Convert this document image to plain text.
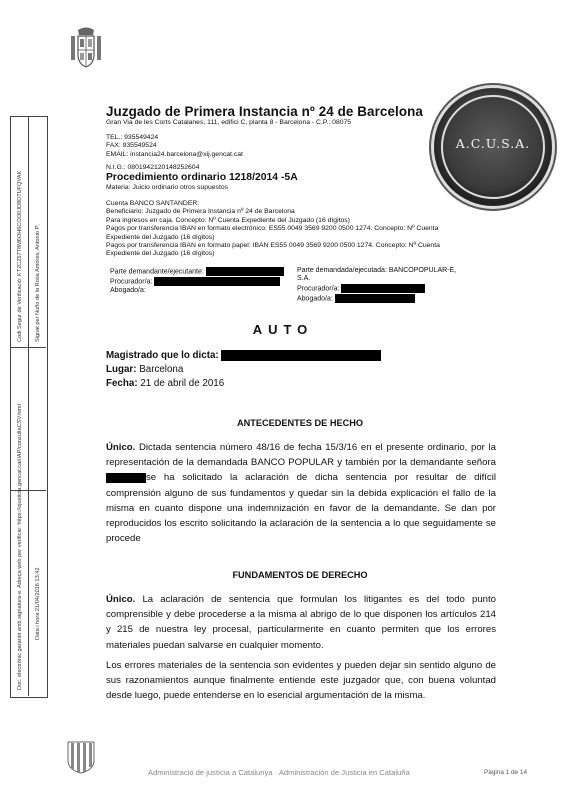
Codi Segur de Verificació: KT2C257T8M6OH6COO0JD8DTUFQVAK Signat per Nuño de la Rosa Amores, Antonio P;
Doc. electrònic garantit amb signatura-e. Adreça web per verificar: https://ejusticia.gencat.cat/IAP/consultaCSV.html Data i hora 21/04/2016 13:42
Juzgado de Primera Instancia nº 24 de Barcelona
Gran Via de les Corts Catalanes, 111, edifici C, planta 8 - Barcelona - C.P.: 08075
TEL.: 935549424
FAX: 935549524
EMAIL: instancia24.barcelona@xij.gencat.cat
N.I.G.: 0801942120148252604
Procedimiento ordinario 1218/2014 -5A
Materia: Juicio ordinario otros supuestos
A.C.U.S.A.
Cuenta BANCO SANTANDER:
Beneficiario: Juzgado de Primera Instancia nº 24 de Barcelona
Para ingresos en caja. Concepto: Nº Cuenta Expediente del Juzgado (16 dígitos)
Pagos por transferencia IBAN en formato electrónico: ES55 0049 3569 9200 0500 1274. Concepto: Nº Cuenta
Expediente del Juzgado (16 dígitos)
Pagos por transferencia IBAN en formato papel: IBAN ES55 0049 3569 9200 0500 1274. Concepto: Nº Cuenta
Expediente del Juzgado (16 dígitos)
Parte demandante/ejecutante:
Procurador/a:
Abogado/a:
Parte demandada/ejecutada: BANCOPOPULAR-E,
S.A.
Procurador/a:
Abogado/a:
AUTO
Magistrado que lo dicta:
Lugar: Barcelona
Fecha: 21 de abril de 2016
ANTECEDENTES DE HECHO
Único. Dictada sentencia número 48/16 de fecha 15/3/16 en el presente ordinario, por la representación de la demandada BANCO POPULAR y también por la demandante señora se ha solicitado la aclaración de dicha sentencia por resultar de difícil comprensión alguno de sus fundamentos y quedar sin la debida explicación el fallo de la misma en cuanto dispone una indemnización en favor de la demandante. Se dan por reproducidos los escrito solicitando la aclaración de la sentencia a lo que seguidamente se procede
FUNDAMENTOS DE DERECHO
Único. La aclaración de sentencia que formulan los litigantes es del todo punto comprensible y debe procederse a la misma al abrigo de lo que disponen los artículos 214 y 215 de nuestra ley procesal, particularmente en cuanto permiten que los errores materiales puedan salvarse en cualquier momento.
Los errores materiales de la sentencia son evidentes y pueden dejar sin sentido alguno de sus razonamientos aunque finalmente entiende este juzgador que, con buena voluntad desde luego, puede entenderse en lo esencial argumentación de la misma.
Administració de justícia a Catalunya · Administración de Justicia en Cataluña	Pàgina 1 de 14
